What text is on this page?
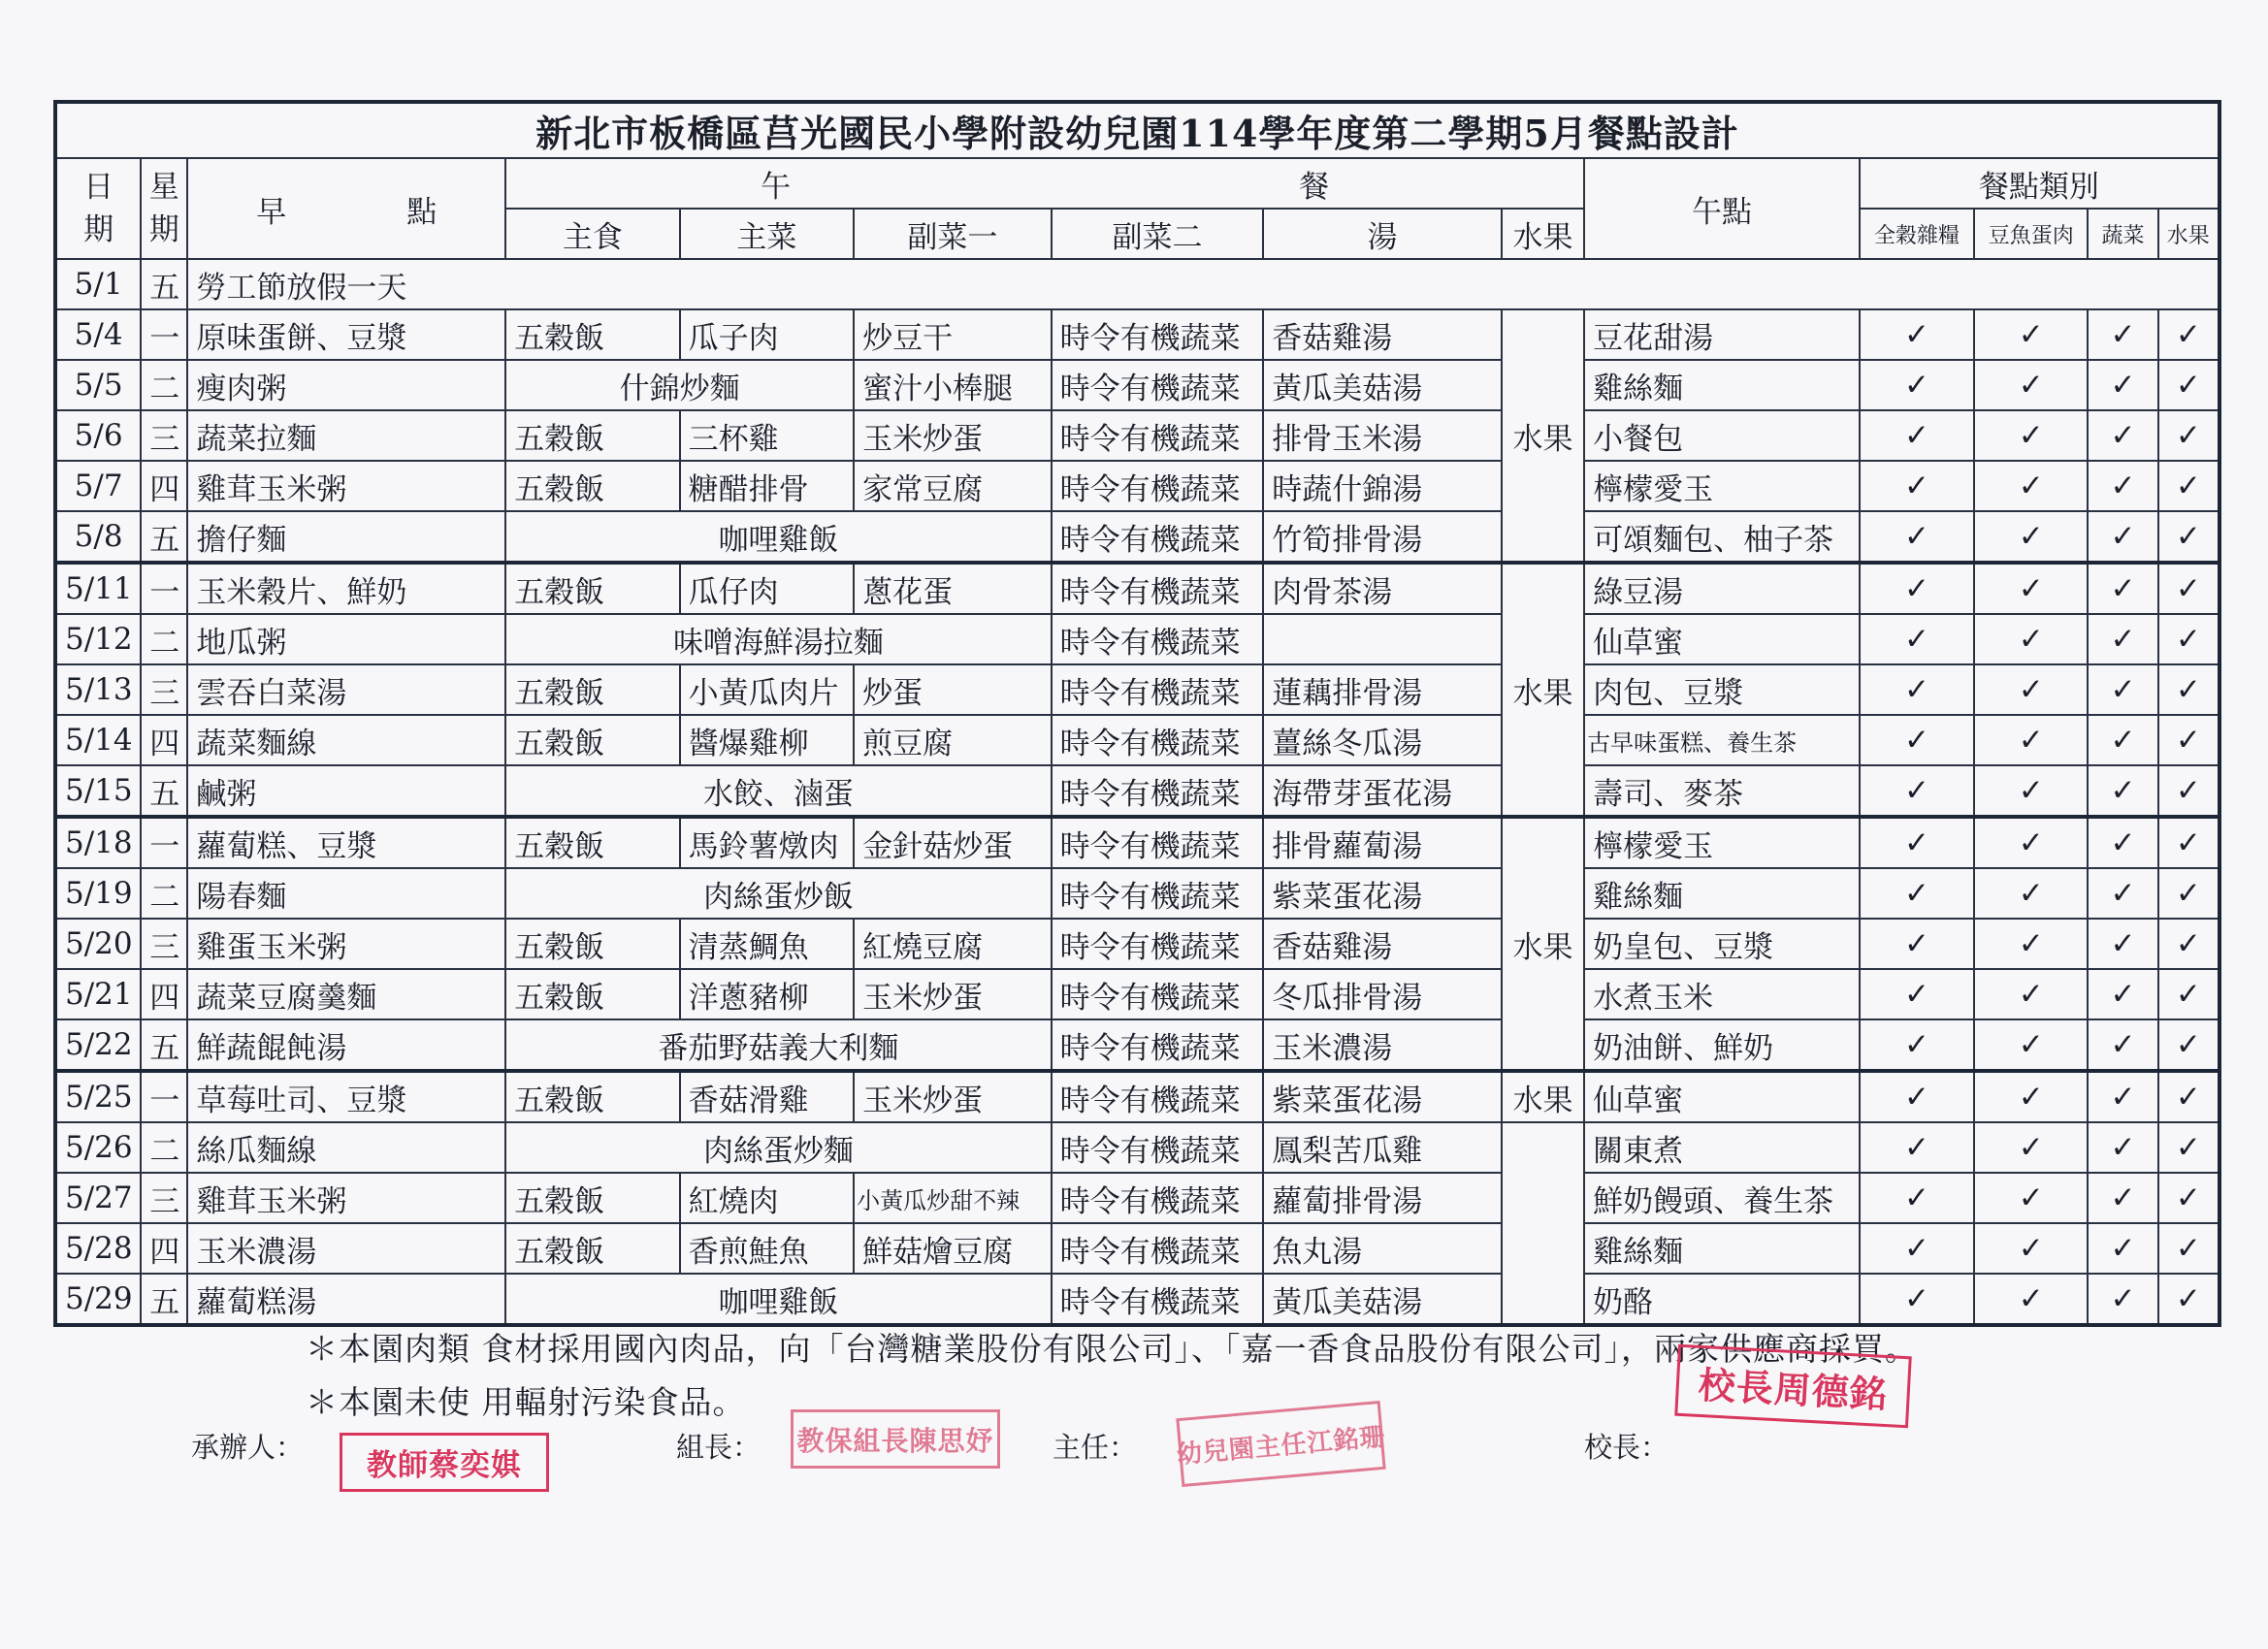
新北市板橋區莒光國民小學附設幼兒園114學年度第二學期5月餐點設計													
日期	星期	早　　　　點	午 餐						午點	餐點類別			
			主食	主菜	副菜一	副菜二	湯	水果		全穀雜糧	豆魚蛋肉	蔬菜	水果
5/1	五	勞工節放假一天											
5/4	一	原味蛋餅、豆漿	五穀飯	瓜子肉	炒豆干	時令有機蔬菜	香菇雞湯	水果	豆花甜湯	✓	✓	✓	✓
5/5	二	瘦肉粥	什錦炒麵		蜜汁小棒腿	時令有機蔬菜	黃瓜美菇湯		雞絲麵	✓	✓	✓	✓
5/6	三	蔬菜拉麵	五穀飯	三杯雞	玉米炒蛋	時令有機蔬菜	排骨玉米湯		小餐包	✓	✓	✓	✓
5/7	四	雞茸玉米粥	五穀飯	糖醋排骨	家常豆腐	時令有機蔬菜	時蔬什錦湯		檸檬愛玉	✓	✓	✓	✓
5/8	五	擔仔麵	咖哩雞飯			時令有機蔬菜	竹筍排骨湯		可頌麵包、柚子茶	✓	✓	✓	✓
5/11	一	玉米穀片、鮮奶	五穀飯	瓜仔肉	蔥花蛋	時令有機蔬菜	肉骨茶湯	水果	綠豆湯	✓	✓	✓	✓
5/12	二	地瓜粥	味噌海鮮湯拉麵			時令有機蔬菜			仙草蜜	✓	✓	✓	✓
5/13	三	雲吞白菜湯	五穀飯	小黃瓜肉片	炒蛋	時令有機蔬菜	蓮藕排骨湯		肉包、豆漿	✓	✓	✓	✓
5/14	四	蔬菜麵線	五穀飯	醬爆雞柳	煎豆腐	時令有機蔬菜	薑絲冬瓜湯		古早味蛋糕、養生茶	✓	✓	✓	✓
5/15	五	鹹粥	水餃、滷蛋			時令有機蔬菜	海帶芽蛋花湯		壽司、麥茶	✓	✓	✓	✓
5/18	一	蘿蔔糕、豆漿	五穀飯	馬鈴薯燉肉	金針菇炒蛋	時令有機蔬菜	排骨蘿蔔湯	水果	檸檬愛玉	✓	✓	✓	✓
5/19	二	陽春麵	肉絲蛋炒飯			時令有機蔬菜	紫菜蛋花湯		雞絲麵	✓	✓	✓	✓
5/20	三	雞蛋玉米粥	五穀飯	清蒸鯛魚	紅燒豆腐	時令有機蔬菜	香菇雞湯		奶皇包、豆漿	✓	✓	✓	✓
5/21	四	蔬菜豆腐羹麵	五穀飯	洋蔥豬柳	玉米炒蛋	時令有機蔬菜	冬瓜排骨湯		水煮玉米	✓	✓	✓	✓
5/22	五	鮮蔬餛飩湯	番茄野菇義大利麵			時令有機蔬菜	玉米濃湯		奶油餅、鮮奶	✓	✓	✓	✓
5/25	一	草莓吐司、豆漿	五穀飯	香菇滑雞	玉米炒蛋	時令有機蔬菜	紫菜蛋花湯	水果	仙草蜜	✓	✓	✓	✓
5/26	二	絲瓜麵線	肉絲蛋炒麵			時令有機蔬菜	鳳梨苦瓜雞		關東煮	✓	✓	✓	✓
5/27	三	雞茸玉米粥	五穀飯	紅燒肉	小黃瓜炒甜不辣	時令有機蔬菜	蘿蔔排骨湯		鮮奶饅頭、養生茶	✓	✓	✓	✓
5/28	四	玉米濃湯	五穀飯	香煎鮭魚	鮮菇燴豆腐	時令有機蔬菜	魚丸湯		雞絲麵	✓	✓	✓	✓
5/29	五	蘿蔔糕湯	咖哩雞飯			時令有機蔬菜	黃瓜美菇湯		奶酪	✓	✓	✓	✓
＊本園肉類 食材採用國內肉品，向「台灣糖業股份有限公司」、「嘉一香食品股份有限公司」，兩家供應商採買。
＊本園未使 用輻射污染食品。
承辦人：
教師蔡奕娸
組長： 教保組長陳思妤 主任： 幼兒園主任江銘珊	校長：
校長周德銘
